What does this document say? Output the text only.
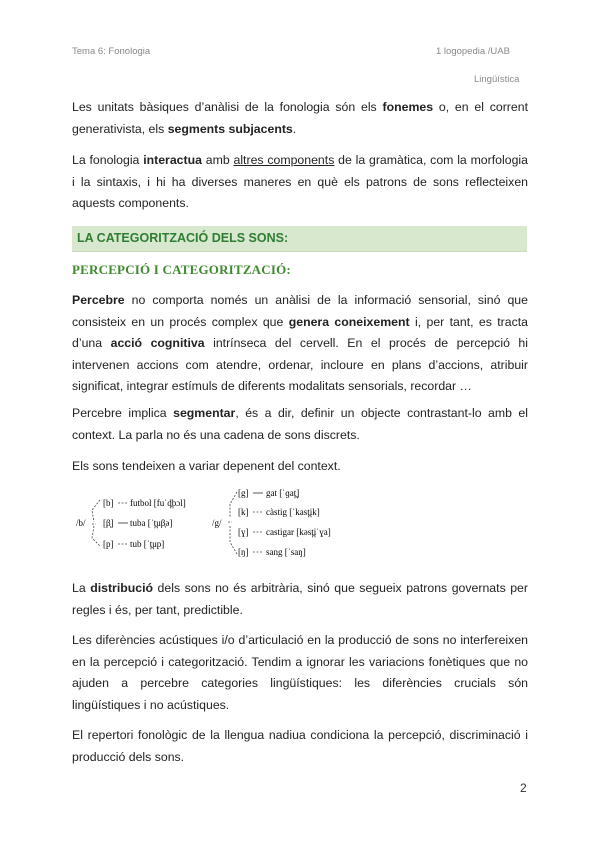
Tema 6: Fonologia	1 logopedia /UAB
Lingüística
Les unitats bàsiques d’anàlisi de la fonologia són els fonemes o, en el corrent generativista, els segments subjacents.
La fonologia interactua amb altres components de la gramàtica, com la morfologia i la sintaxis, i hi ha diverses maneres en què els patrons de sons reflecteixen aquests components.
LA CATEGORITZACIÓ DELS SONS:
PERCEPCIÓ I CATEGORITZACIÓ:
Percebre no comporta només un anàlisi de la informació sensorial, sinó que consisteix en un procés complex que genera coneixement i, per tant, es tracta d’una acció cognitiva intrínseca del cervell. En el procés de percepció hi intervenen accions com atendre, ordenar, incloure en plans d’accions, atribuir significat, integrar estímuls de diferents modalitats sensorials, recordar …
Percebre implica segmentar, és a dir, definir un objecte contrastant-lo amb el context. La parla no és una cadena de sons discrets.
Els sons tendeixen a variar depenent del context.
/b/
[b] futbol [fuˈd̪bɔl]
[β̞] tuba [ˈt̪uβ̞ə]
[p] tub [ˈt̪up]
/g/
[g] gat [ˈɡat̪]
[k] càstig [ˈkast̪ik]
[ɣ] castigar [kəst̪iˈɣa]
[ŋ] sang [ˈsaŋ]
La distribució dels sons no és arbitrària, sinó que segueix patrons governats per regles i és, per tant, predictible.
Les diferències acústiques i/o d’articulació en la producció de sons no interfereixen en la percepció i categorització. Tendim a ignorar les variacions fonètiques que no ajuden a percebre categories lingüístiques: les diferències crucials són lingüístiques i no acústiques.
El repertori fonològic de la llengua nadiua condiciona la percepció, discriminació i producció dels sons.
2
